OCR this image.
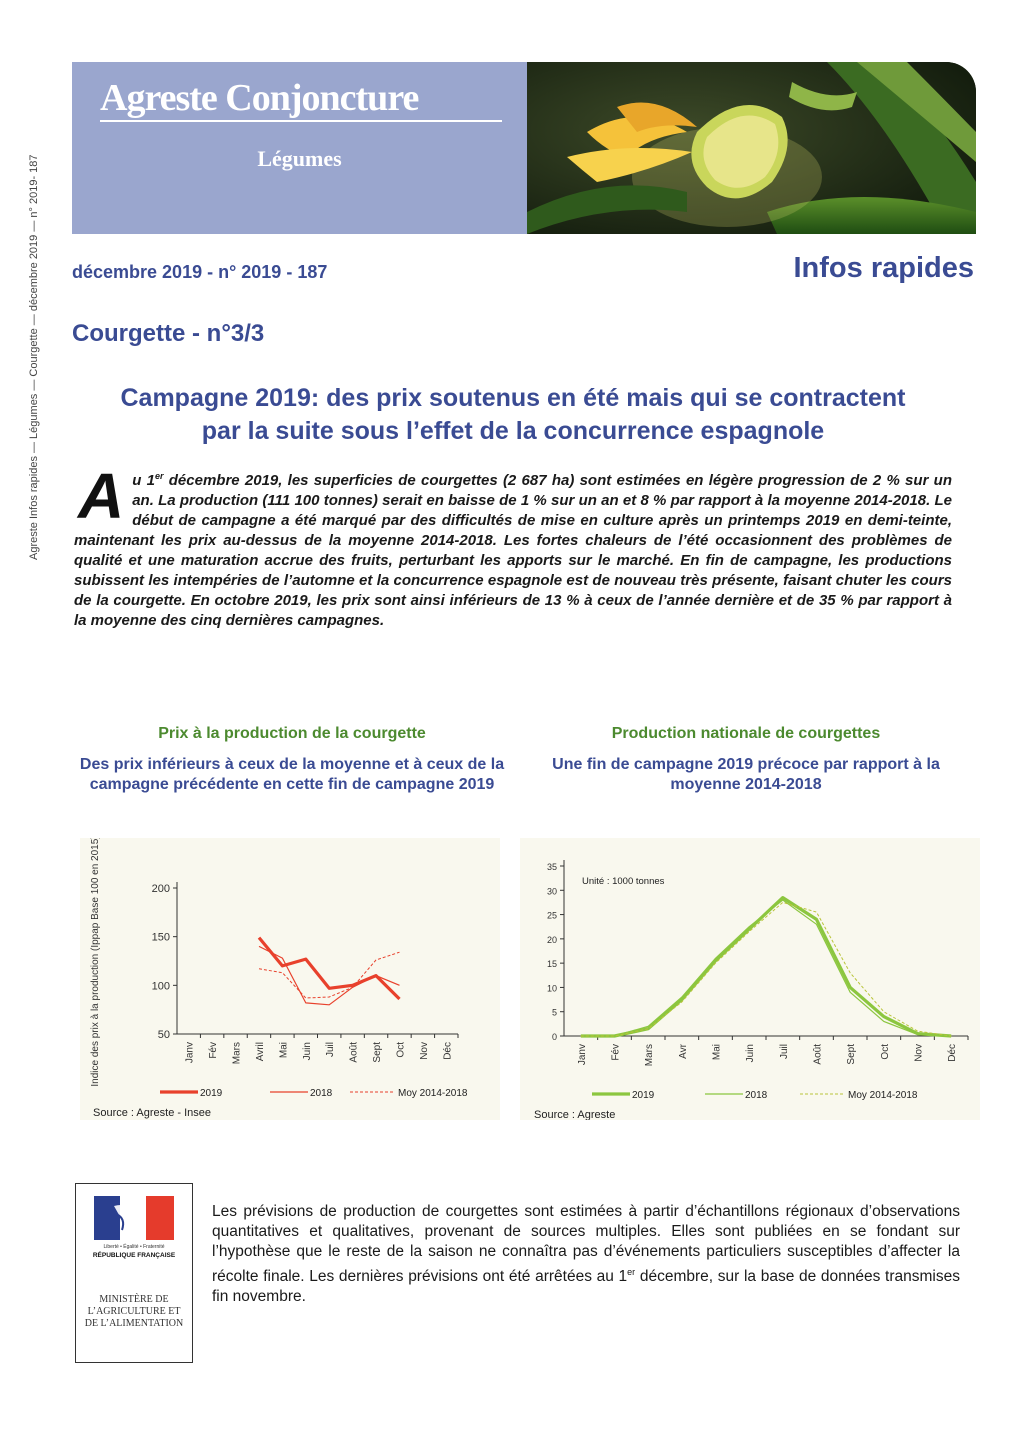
Agreste Infos rapides — Légumes — Courgette — décembre 2019 — n° 2019- 187
Agreste Conjoncture
Légumes
décembre 2019 - n° 2019 - 187	Infos rapides
Courgette - n°3/3
Campagne 2019: des prix soutenus en été mais qui se contractent
par la suite sous l’effet de la concurrence espagnole
Au 1er décembre 2019, les superficies de courgettes (2 687 ha) sont estimées en légère progression de 2 % sur un an. La production (111 100 tonnes) serait en baisse de 1 % sur un an et 8 % par rapport à la moyenne 2014-2018. Le début de campagne a été marqué par des difficultés de mise en culture après un printemps 2019 en demi-teinte, maintenant les prix au-dessus de la moyenne 2014-2018. Les fortes chaleurs de l’été occasionnent des problèmes de qualité et une maturation accrue des fruits, perturbant les apports sur le marché. En fin de campagne, les productions subissent les intempéries de l’automne et la concurrence espagnole est de nouveau très présente, faisant chuter les cours de la courgette. En octobre 2019, les prix sont ainsi inférieurs de 13 % à ceux de l’année dernière et de 35 % par rapport à la moyenne des cinq dernières campagnes.
Prix à la production de la courgette
Des prix inférieurs à ceux de la moyenne et à ceux de la campagne précédente en cette fin de campagne 2019
50
100
150
200
Janv Fév Mars Avril Mai Juin Juil Août Sept Oct Nov Déc
Indice des prix à la production (Ippap Base 100 en 2015)
2019	2018	Moy 2014-2018
Source : Agreste - Insee
Production nationale de courgettes
Une fin de campagne 2019 précoce par rapport à la moyenne 2014-2018
0
5
10
15
20
25
30
35
Janv Fév Mars Avr Mai Juin Juil Août Sept Oct Nov Déc
Unité : 1000 tonnes
2019	2018	Moy 2014-2018
Source : Agreste
Liberté • Égalité • Fraternité
RÉPUBLIQUE FRANÇAISE
MINISTÈRE DE L’AGRICULTURE ET DE L’ALIMENTATION
Les prévisions de production de courgettes sont estimées à partir d’échantillons régionaux d’observations quantitatives et qualitatives, provenant de sources multiples. Elles sont publiées en se fondant sur l’hypothèse que le reste de la saison ne connaîtra pas d’événements particuliers susceptibles d’affecter la récolte finale. Les dernières prévisions ont été arrêtées au 1er décembre, sur la base de données transmises fin novembre.
